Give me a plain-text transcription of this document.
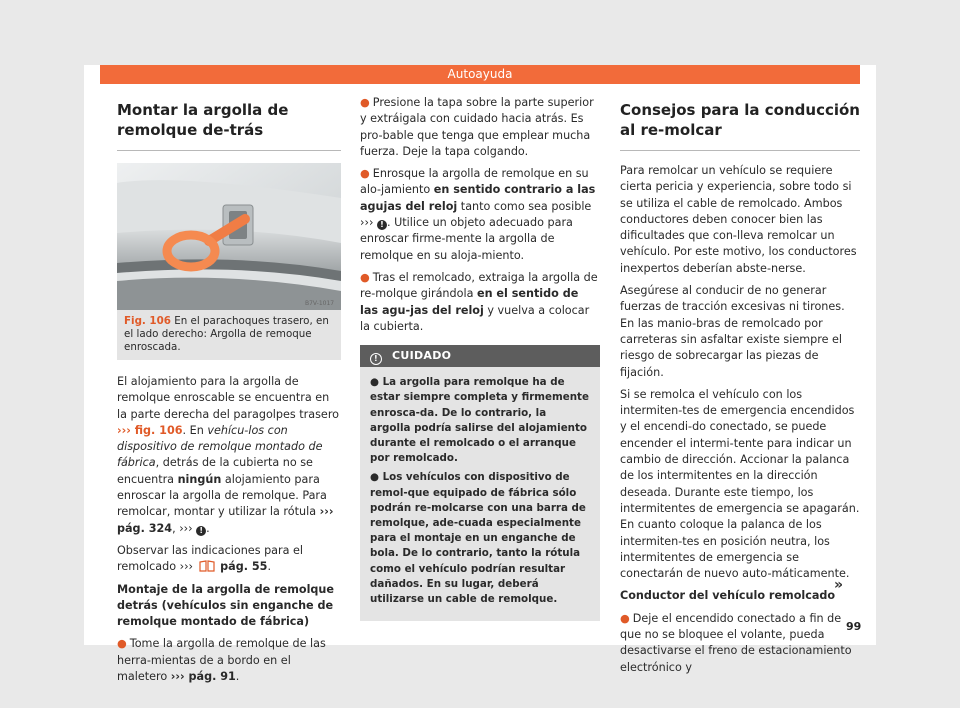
Autoayuda
Montar la argolla de remolque de-trás
B7V-1017
Fig. 106 En el parachoques trasero, en el lado derecho: Argolla de remoque enroscada.

El alojamiento para la argolla de remolque enroscable se encuentra en la parte derecha del paragolpes trasero ››› fig. 106. En vehícu-los con dispositivo de remolque montado de fábrica, detrás de la cubierta no se encuentra ningún alojamiento para enroscar la argolla de remolque. Para remolcar, montar y utilizar la rótula ››› pág. 324, ››› ! .

Observar las indicaciones para el remolcado ››› pág. 55.

Montaje de la argolla de remolque detrás (vehículos sin enganche de remolque montado de fábrica)

● Tome la argolla de remolque de las herra-mientas de a bordo en el maletero ››› pág. 91.

● Presione la tapa sobre la parte superior y extráigala con cuidado hacia atrás. Es pro-bable que tenga que emplear mucha fuerza. Deje la tapa colgando.

● Enrosque la argolla de remolque en su alo-jamiento en sentido contrario a las agujas del reloj tanto como sea posible ››› ! . Utilice un objeto adecuado para enroscar firme-mente la argolla de remolque en su aloja-miento.

● Tras el remolcado, extraiga la argolla de re-molque girándola en el sentido de las agu-jas del reloj y vuelva a colocar la cubierta.

! CUIDADO

● La argolla para remolque ha de estar siempre completa y firmemente enrosca-da. De lo contrario, la argolla podría salirse del alojamiento durante el remolcado o el arranque por remolcado.

● Los vehículos con dispositivo de remol-que equipado de fábrica sólo podrán re-molcarse con una barra de remolque, ade-cuada especialmente para el montaje en un enganche de bola. De lo contrario, tanto la rótula como el vehículo podrían resultar dañados. En su lugar, deberá utilizarse un cable de remolque.

Consejos para la conducción al re-molcar

Para remolcar un vehículo se requiere cierta pericia y experiencia, sobre todo si se utiliza el cable de remolcado. Ambos conductores deben conocer bien las dificultades que con-lleva remolcar un vehículo. Por este motivo, los conductores inexpertos deberían abste-nerse.

Asegúrese al conducir de no generar fuerzas de tracción excesivas ni tirones. En las manio-bras de remolcado por carreteras sin asfaltar existe siempre el riesgo de sobrecargar las piezas de fijación.

Si se remolca el vehículo con los intermiten-tes de emergencia encendidos y el encendi-do conectado, se puede encender el intermi-tente para indicar un cambio de dirección. Accionar la palanca de los intermitentes en la dirección deseada. Durante este tiempo, los intermitentes de emergencia se apagarán. En cuanto coloque la palanca de los intermiten-tes en posición neutra, los intermitentes de emergencia se conectarán de nuevo auto-máticamente.

Conductor del vehículo remolcado

● Deje el encendido conectado a fin de que no se bloquee el volante, pueda desactivarse el freno de estacionamiento electrónico y

»
99
